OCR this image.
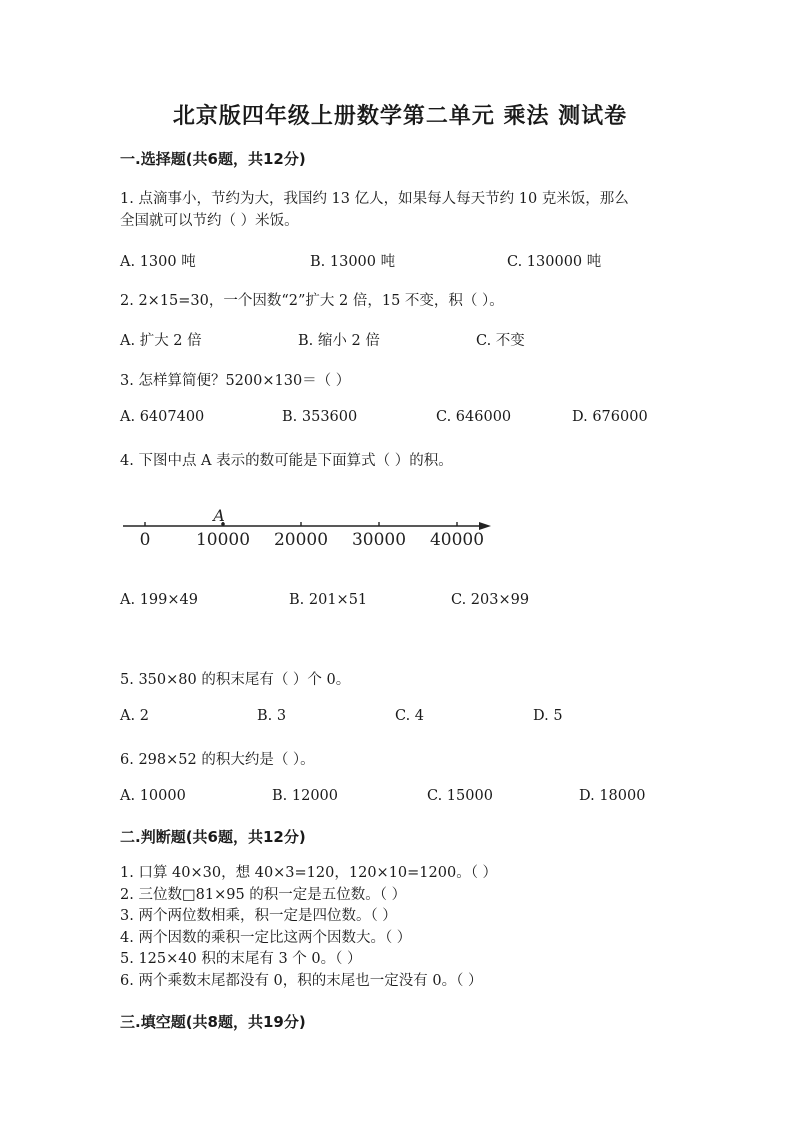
北京版四年级上册数学第二单元 乘法 测试卷
一.选择题(共6题，共12分)
1. 点滴事小，节约为大，我国约 13 亿人，如果每人每天节约 10 克米饭，那么
全国就可以节约（ ）米饭。
A. 1300 吨	B. 13000 吨	C. 130000 吨
2. 2×15=30，一个因数“2”扩大 2 倍，15 不变，积（ ）。
A. 扩大 2 倍	B. 缩小 2 倍	C. 不变
3. 怎样算简便？5200×130＝（ ）
A. 6407400	B. 353600	C. 646000	D. 676000
4. 下图中点 A 表示的数可能是下面算式（ ）的积。
0	10000 20000 30000 40000
A
A. 199×49	B. 201×51	C. 203×99
5. 350×80 的积末尾有（ ）个 0。
A. 2	B. 3	C. 4	D. 5
6. 298×52 的积大约是（ ）。
A. 10000	B. 12000	C. 15000	D. 18000
二.判断题(共6题，共12分)
1. 口算 40×30，想 40×3=120，120×10=1200。（ ）
2. 三位数□81×95 的积一定是五位数。（ ）
3. 两个两位数相乘，积一定是四位数。（ ）
4. 两个因数的乘积一定比这两个因数大。（ ）
5. 125×40 积的末尾有 3 个 0。（ ）
6. 两个乘数末尾都没有 0，积的末尾也一定没有 0。（ ）
三.填空题(共8题，共19分)
